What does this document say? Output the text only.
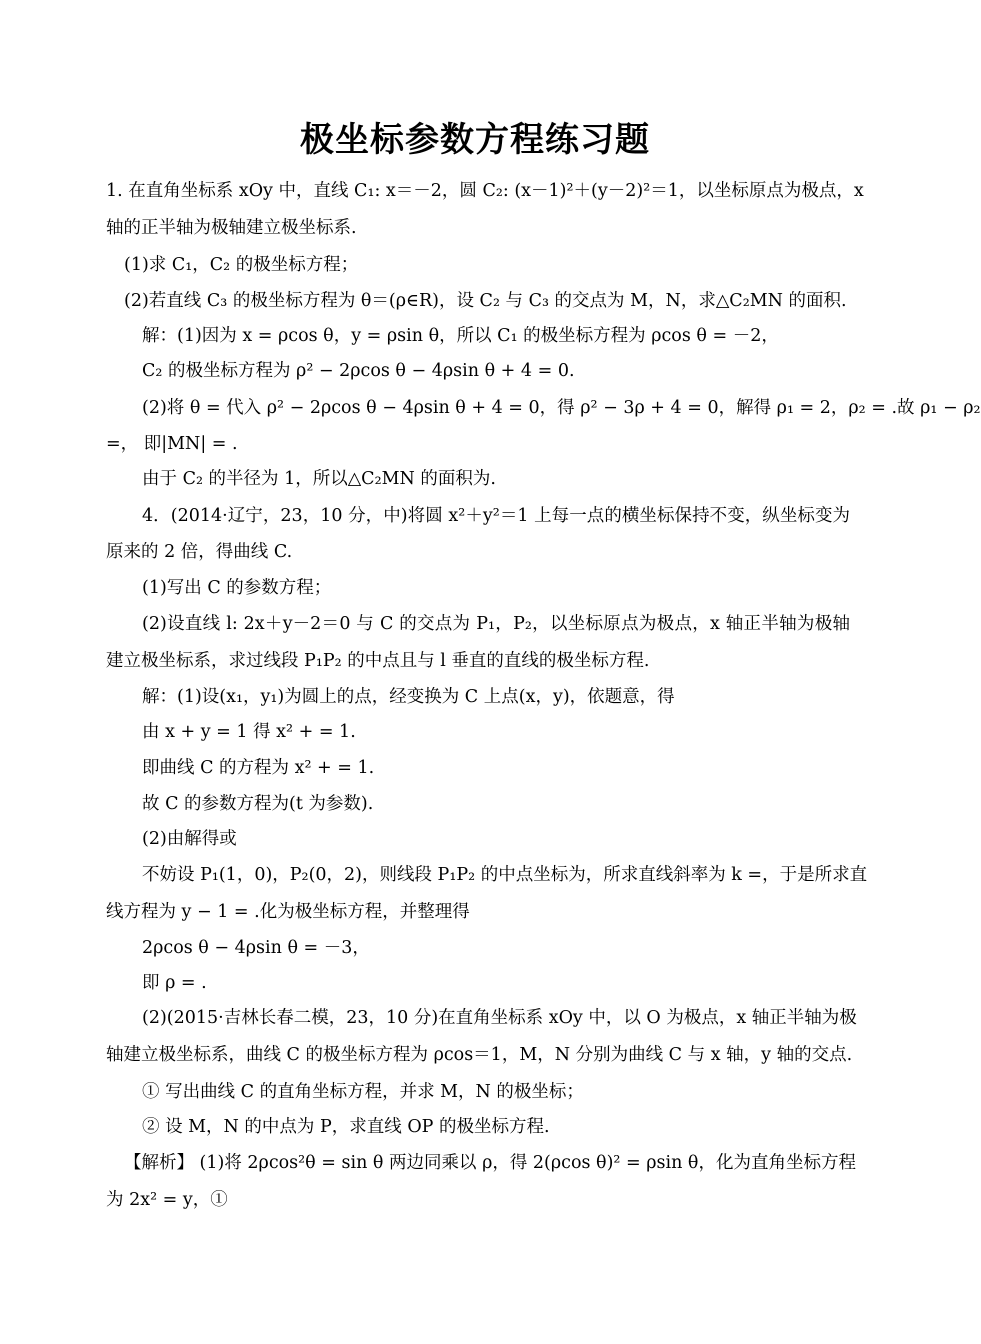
极坐标参数方程练习题
1. 在直角坐标系 xOy 中，直线 C₁: x＝－2，圆 C₂: (x－1)²＋(y－2)²＝1，以坐标原点为极点，x
轴的正半轴为极轴建立极坐标系.
(1)求 C₁，C₂ 的极坐标方程；
(2)若直线 C₃ 的极坐标方程为 θ＝(ρ∈R)，设 C₂ 与 C₃ 的交点为 M，N，求△C₂MN 的面积.
解：(1)因为 x = ρcos θ，y = ρsin θ，所以 C₁ 的极坐标方程为 ρcos θ = －2，
C₂ 的极坐标方程为 ρ² − 2ρcos θ − 4ρsin θ + 4 = 0.
(2)将 θ = 代入 ρ² − 2ρcos θ − 4ρsin θ + 4 = 0，得 ρ² − 3ρ + 4 = 0，解得 ρ₁ = 2，ρ₂ = .故 ρ₁ − ρ₂
=， 即|MN| = .
由于 C₂ 的半径为 1，所以△C₂MN 的面积为.
4．(2014·辽宁，23，10 分，中)将圆 x²＋y²＝1 上每一点的横坐标保持不变，纵坐标变为
原来的 2 倍，得曲线 C.
(1)写出 C 的参数方程；
(2)设直线 l: 2x＋y－2＝0 与 C 的交点为 P₁，P₂，以坐标原点为极点，x 轴正半轴为极轴
建立极坐标系，求过线段 P₁P₂ 的中点且与 l 垂直的直线的极坐标方程.
解：(1)设(x₁，y₁)为圆上的点，经变换为 C 上点(x，y)，依题意，得
由 x + y = 1 得 x² + = 1.
即曲线 C 的方程为 x² + = 1.
故 C 的参数方程为(t 为参数).
(2)由解得或
不妨设 P₁(1，0)，P₂(0，2)，则线段 P₁P₂ 的中点坐标为，所求直线斜率为 k =，于是所求直
线方程为 y − 1 = .化为极坐标方程，并整理得
2ρcos θ − 4ρsin θ = －3，
即 ρ = .
(2)(2015·吉林长春二模，23，10 分)在直角坐标系 xOy 中，以 O 为极点，x 轴正半轴为极
轴建立极坐标系，曲线 C 的极坐标方程为 ρcos＝1，M，N 分别为曲线 C 与 x 轴，y 轴的交点.
① 写出曲线 C 的直角坐标方程，并求 M，N 的极坐标；
② 设 M，N 的中点为 P，求直线 OP 的极坐标方程.
【解析】 (1)将 2ρcos²θ = sin θ 两边同乘以 ρ，得 2(ρcos θ)² = ρsin θ，化为直角坐标方程
为 2x² = y，①
